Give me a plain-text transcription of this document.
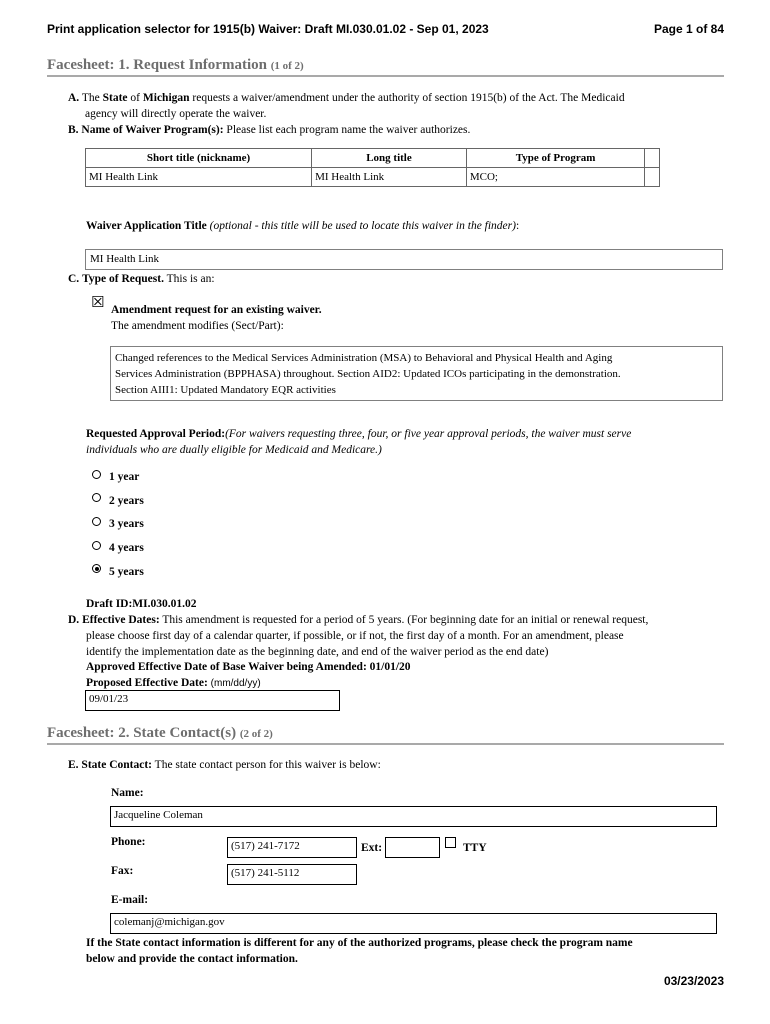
Print application selector for 1915(b) Waiver: Draft MI.030.01.02 - Sep 01, 2023	Page 1 of 84
Facesheet: 1. Request Information (1 of 2)
A. The State of Michigan requests a waiver/amendment under the authority of section 1915(b) of the Act. The Medicaid
agency will directly operate the waiver.
B. Name of Waiver Program(s): Please list each program name the waiver authorizes.
Short title (nickname)	Long title	Type of Program	
MI Health Link	MI Health Link	MCO;	
Waiver Application Title (optional - this title will be used to locate this waiver in the finder):
MI Health Link
C. Type of Request. This is an:
☒ Amendment request for an existing waiver.
The amendment modifies (Sect/Part):
Changed references to the Medical Services Administration (MSA) to Behavioral and Physical Health and Aging
Services Administration (BPPHASA) throughout. Section AID2: Updated ICOs participating in the demonstration.
Section AIII1: Updated Mandatory EQR activities
Requested Approval Period:(For waivers requesting three, four, or five year approval periods, the waiver must serve
individuals who are dually eligible for Medicaid and Medicare.)
1 year
2 years
3 years
4 years
5 years
Draft ID:MI.030.01.02
D. Effective Dates: This amendment is requested for a period of 5 years. (For beginning date for an initial or renewal request,
please choose first day of a calendar quarter, if possible, or if not, the first day of a month. For an amendment, please
identify the implementation date as the beginning date, and end of the waiver period as the end date)
Approved Effective Date of Base Waiver being Amended: 01/01/20
Proposed Effective Date: (mm/dd/yy)
09/01/23
Facesheet: 2. State Contact(s) (2 of 2)
E. State Contact: The state contact person for this waiver is below:
Name:
Jacqueline Coleman
Phone:	(517) 241-7172	Ext:	TTY
Fax:	(517) 241-5112
E-mail:
colemanj@michigan.gov
If the State contact information is different for any of the authorized programs, please check the program name
below and provide the contact information.
03/23/2023
